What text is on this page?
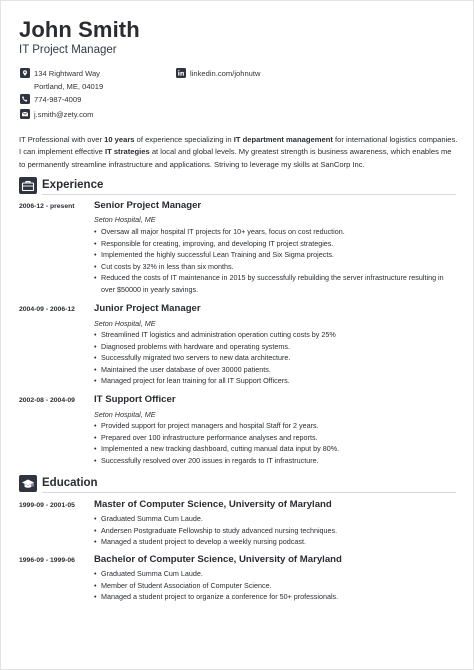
John Smith
IT Project Manager
134 Rightward Way
Portland, ME, 04019
774-987-4009
j.smith@zety.com
linkedin.com/johnutw
IT Professional with over 10 years of experience specializing in IT department management for international logistics companies. I can implement effective IT strategies at local and global levels. My greatest strength is business awareness, which enables me to permanently streamline infrastructure and applications. Striving to leverage my skills at SanCorp Inc.
Experience
2006-12 - present Senior Project Manager
Seton Hospital, ME
• Oversaw all major hospital IT projects for 10+ years, focus on cost reduction.
• Responsible for creating, improving, and developing IT project strategies.
• Implemented the highly successful Lean Training and Six Sigma projects.
• Cut costs by 32% in less than six months.
• Reduced the costs of IT maintenance in 2015 by successfully rebuilding the server infrastructure resulting in over $50000 in yearly savings.
2004-09 - 2006-12 Junior Project Manager
Seton Hospital, ME
• Streamlined IT logistics and administration operation cutting costs by 25%
• Diagnosed problems with hardware and operating systems.
• Successfully migrated two servers to new data architecture.
• Maintained the user database of over 30000 patients.
• Managed project for lean training for all IT Support Officers.
2002-08 - 2004-09 IT Support Officer
Seton Hospital, ME
• Provided support for project managers and hospital Staff for 2 years.
• Prepared over 100 infrastructure performance analyses and reports.
• Implemented a new tracking dashboard, cutting manual data input by 80%.
• Successfully resolved over 200 issues in regards to IT infrastructure.
Education
1999-09 - 2001-05 Master of Computer Science, University of Maryland
• Graduated Summa Cum Laude.
• Andersen Postgraduate Fellowship to study advanced nursing techniques.
• Managed a student project to develop a weekly nursing podcast.
1996-09 - 1999-06 Bachelor of Computer Science, University of Maryland
• Graduated Summa Cum Laude.
• Member of Student Association of Computer Science.
• Managed a student project to organize a conference for 50+ professionals.
